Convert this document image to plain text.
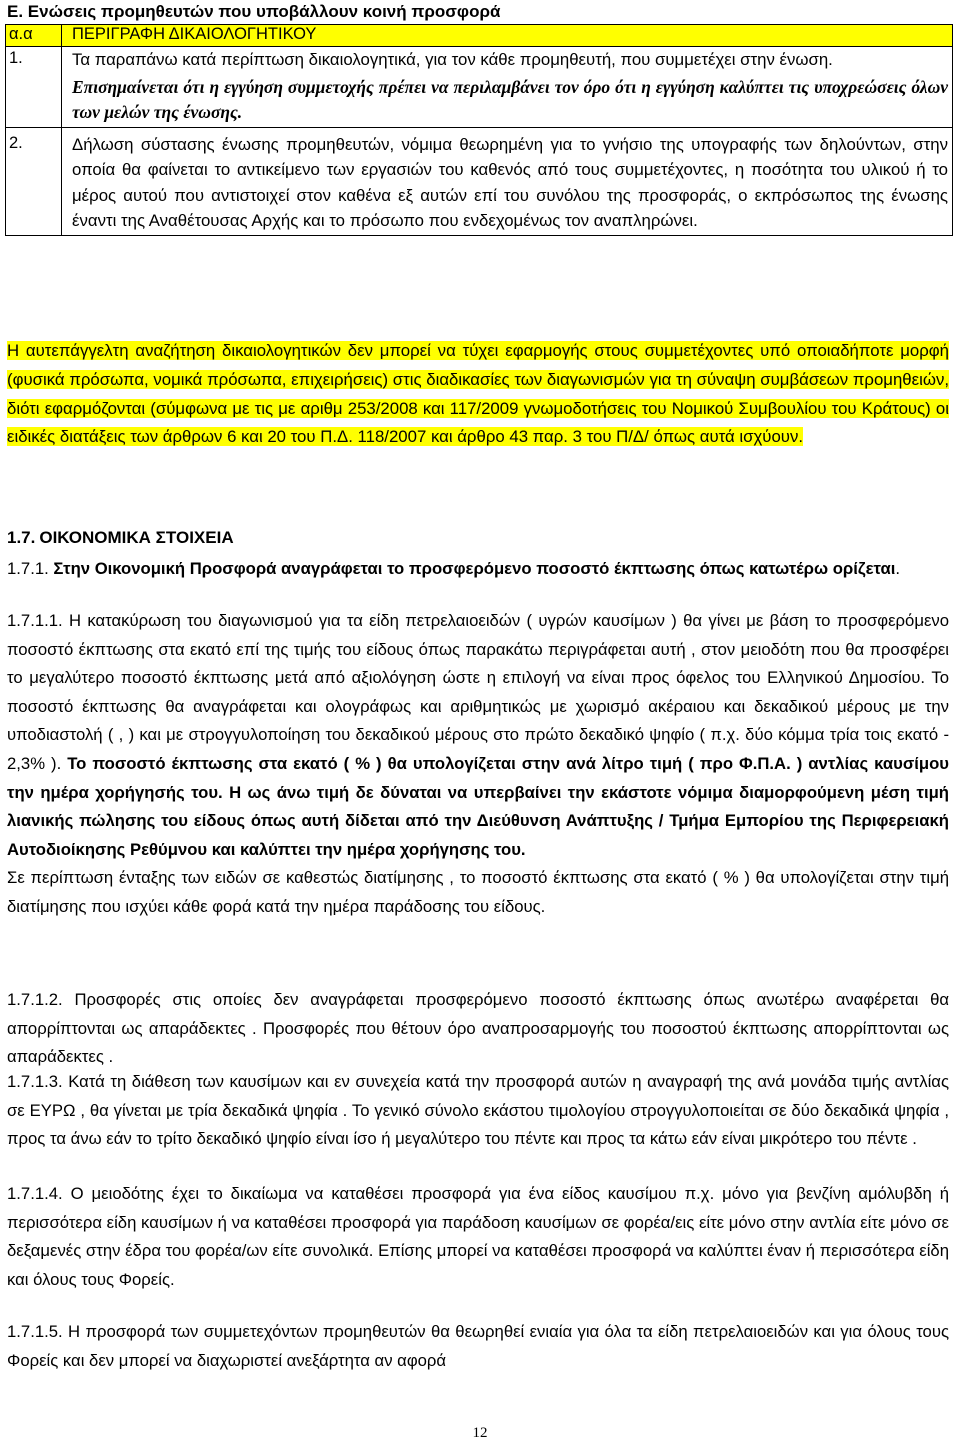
E. Ενώσεις προμηθευτών που υποβάλλουν κοινή προσφορά
α.α	ΠΕΡΙΓΡΑΦΗ ΔΙΚΑΙΟΛΟΓΗΤΙΚΟΥ
1.	Τα παραπάνω κατά περίπτωση δικαιολογητικά, για τον κάθε προμηθευτή, που συμμετέχει στην ένωση.
Επισημαίνεται ότι η εγγύηση συμμετοχής πρέπει να περιλαμβάνει τον όρο ότι η εγγύηση καλύπτει τις υποχρεώσεις όλων των μελών της ένωσης.

2.	Δήλωση σύστασης ένωσης προμηθευτών, νόμιμα θεωρημένη για το γνήσιο της υπογραφής των δηλούντων, στην οποία θα φαίνεται το αντικείμενο των εργασιών του καθενός από τους συμμετέχοντες, η ποσότητα του υλικού ή το μέρος αυτού που αντιστοιχεί στον καθένα εξ αυτών επί του συνόλου της προσφοράς, ο εκπρόσωπος της ένωσης έναντι της Αναθέτουσας Αρχής και το πρόσωπο που ενδεχομένως τον αναπληρώνει.
Η αυτεπάγγελτη αναζήτηση δικαιολογητικών δεν μπορεί να τύχει εφαρμογής στους συμμετέχοντες υπό οποιαδήποτε μορφή (φυσικά πρόσωπα, νομικά πρόσωπα, επιχειρήσεις) στις διαδικασίες των διαγωνισμών για τη σύναψη συμβάσεων προμηθειών, διότι εφαρμόζονται (σύμφωνα με τις με αριθμ 253/2008 και 117/2009 γνωμοδοτήσεις του Νομικού Συμβουλίου του Κράτους) οι ειδικές διατάξεις των άρθρων 6 και 20 του Π.Δ. 118/2007 και άρθρο 43 παρ. 3 του Π/Δ/ όπως αυτά ισχύουν.
1.7. ΟΙΚΟΝΟΜΙΚΑ ΣΤΟΙΧΕΙΑ
1.7.1. Στην Οικονομική Προσφορά αναγράφεται το προσφερόμενο ποσοστό έκπτωσης όπως κατωτέρω ορίζεται.
1.7.1.1. Η κατακύρωση του διαγωνισμού για τα είδη πετρελαιοειδών ( υγρών καυσίμων ) θα γίνει με βάση το προσφερόμενο ποσοστό έκπτωσης στα εκατό επί της τιμής του είδους όπως παρακάτω περιγράφεται αυτή , στον μειοδότη που θα προσφέρει το μεγαλύτερο ποσοστό έκπτωσης μετά από αξιολόγηση ώστε η επιλογή να είναι προς όφελος του Ελληνικού Δημοσίου. Το ποσοστό έκπτωσης θα αναγράφεται και ολογράφως και αριθμητικώς με χωρισμό ακέραιου και δεκαδικού μέρους με την υποδιαστολή ( , ) και με στρογγυλοποίηση του δεκαδικού μέρους στο πρώτο δεκαδικό ψηφίο ( π.χ. δύο κόμμα τρία τοις εκατό - 2,3% ). Το ποσοστό έκπτωσης στα εκατό ( % ) θα υπολογίζεται στην ανά λίτρο τιμή ( προ Φ.Π.Α. ) αντλίας καυσίμου την ημέρα χορήγησής του. Η ως άνω τιμή δε δύναται να υπερβαίνει την εκάστοτε νόμιμα διαμορφούμενη μέση τιμή λιανικής πώλησης του είδους όπως αυτή δίδεται από την Διεύθυνση Ανάπτυξης / Τμήμα Εμπορίου της Περιφερειακή Αυτοδιοίκησης Ρεθύμνου και καλύπτει την ημέρα χορήγησης του.
Σε περίπτωση ένταξης των ειδών σε καθεστώς διατίμησης , το ποσοστό έκπτωσης στα εκατό ( % ) θα υπολογίζεται στην τιμή διατίμησης που ισχύει κάθε φορά κατά την ημέρα παράδοσης του είδους.
1.7.1.2. Προσφορές στις οποίες δεν αναγράφεται προσφερόμενο ποσοστό έκπτωσης όπως ανωτέρω αναφέρεται θα απορρίπτονται ως απαράδεκτες . Προσφορές που θέτουν όρο αναπροσαρμογής του ποσοστού έκπτωσης απορρίπτονται ως απαράδεκτες .
1.7.1.3. Κατά τη διάθεση των καυσίμων και εν συνεχεία κατά την προσφορά αυτών η αναγραφή της ανά μονάδα τιμής αντλίας σε ΕΥΡΩ , θα γίνεται με τρία δεκαδικά ψηφία . Το γενικό σύνολο εκάστου τιμολογίου στρογγυλοποιείται σε δύο δεκαδικά ψηφία , προς τα άνω εάν το τρίτο δεκαδικό ψηφίο είναι ίσο ή μεγαλύτερο του πέντε και προς τα κάτω εάν είναι μικρότερο του πέντε .
1.7.1.4. Ο μειοδότης έχει το δικαίωμα να καταθέσει προσφορά για ένα είδος καυσίμου π.χ. μόνο για βενζίνη αμόλυβδη ή περισσότερα είδη καυσίμων ή να καταθέσει προσφορά για παράδοση καυσίμων σε φορέα/εις είτε μόνο στην αντλία είτε μόνο σε δεξαμενές στην έδρα του φορέα/ων είτε συνολικά. Επίσης μπορεί να καταθέσει προσφορά να καλύπτει έναν ή περισσότερα είδη και όλους τους Φορείς.
1.7.1.5. Η προσφορά των συμμετεχόντων προμηθευτών θα θεωρηθεί ενιαία για όλα τα είδη πετρελαιοειδών και για όλους τους Φορείς και δεν μπορεί να διαχωριστεί ανεξάρτητα αν αφορά
12
